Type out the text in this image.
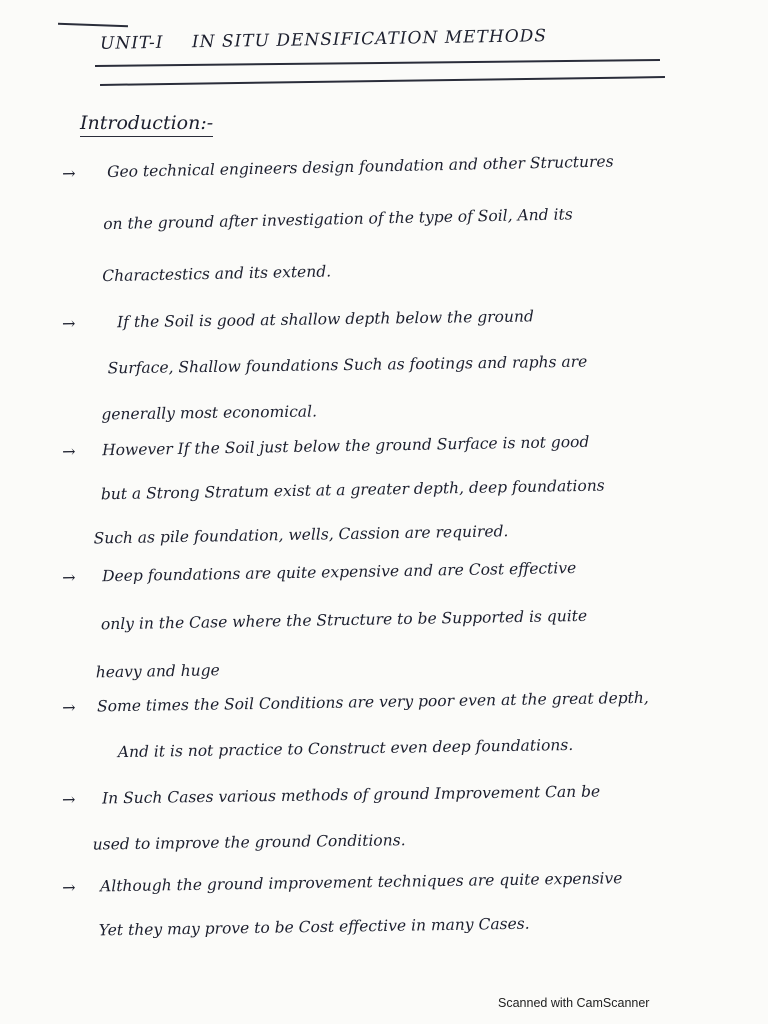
UNIT-I IN SITU DENSIFICATION METHODS
Introduction:-
→ Geo technical engineers design foundation and other Structures
on the ground after investigation of the type of Soil, And its
Charactestics and its extend.
→	If the Soil is good at shallow depth below the ground
Surface, Shallow foundations Such as footings and raphs are
generally most economical.
→ However If the Soil just below the ground Surface is not good
but a Strong Stratum exist at a greater depth, deep foundations
Such as pile foundation, wells, Cassion are required.
→ Deep foundations are quite expensive and are Cost effective
only in the Case where the Structure to be Supported is quite
heavy and huge
→ Some times the Soil Conditions are very poor even at the great depth,
And it is not practice to Construct even deep foundations.
→ In Such Cases various methods of ground Improvement Can be
used to improve the ground Conditions.
→ Although the ground improvement techniques are quite expensive
Yet they may prove to be Cost effective in many Cases.
Scanned with CamScanner
